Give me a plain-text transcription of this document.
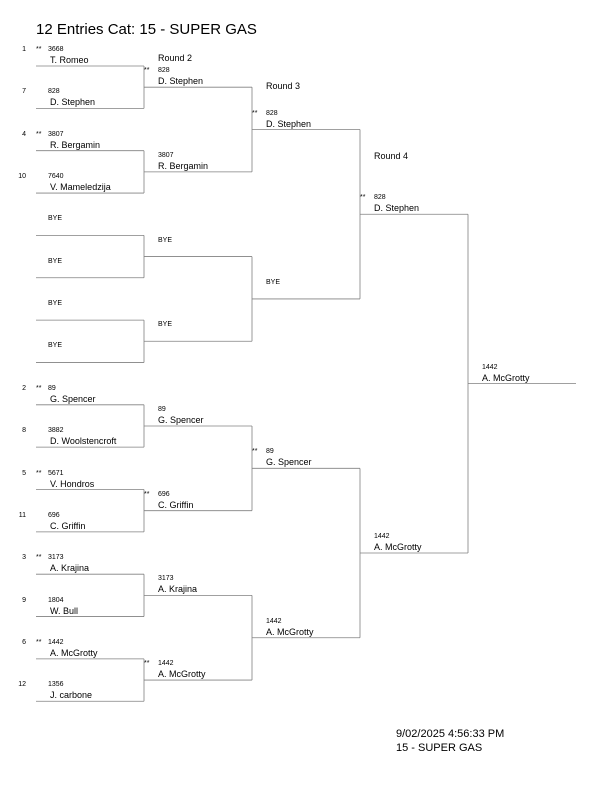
12 Entries Cat: 15 - SUPER GAS
Round 2
Round 3
Round 4
1 ** 3668
T. Romeo
7	828
D. Stephen
4 ** 3807
R. Bergamin
10	7640
V. Mameledzija
BYE
BYE
BYE
BYE
2 ** 89
G. Spencer
8	3882
D. Woolstencroft
5 ** 5671
V. Hondros
11	696
C. Griffin
3 ** 3173
A. Krajina
9	1804
W. Bull
6 ** 1442
A. McGrotty
12	1356
J. carbone
** 828
D. Stephen
3807
R. Bergamin
BYE
BYE
89
G. Spencer
** 696
C. Griffin
3173
A. Krajina
** 1442
A. McGrotty
** 828
D. Stephen
BYE
** 89
G. Spencer
1442
A. McGrotty
** 828
D. Stephen
1442
A. McGrotty
1442
A. McGrotty
9/02/2025 4:56:33 PM
15 - SUPER GAS
